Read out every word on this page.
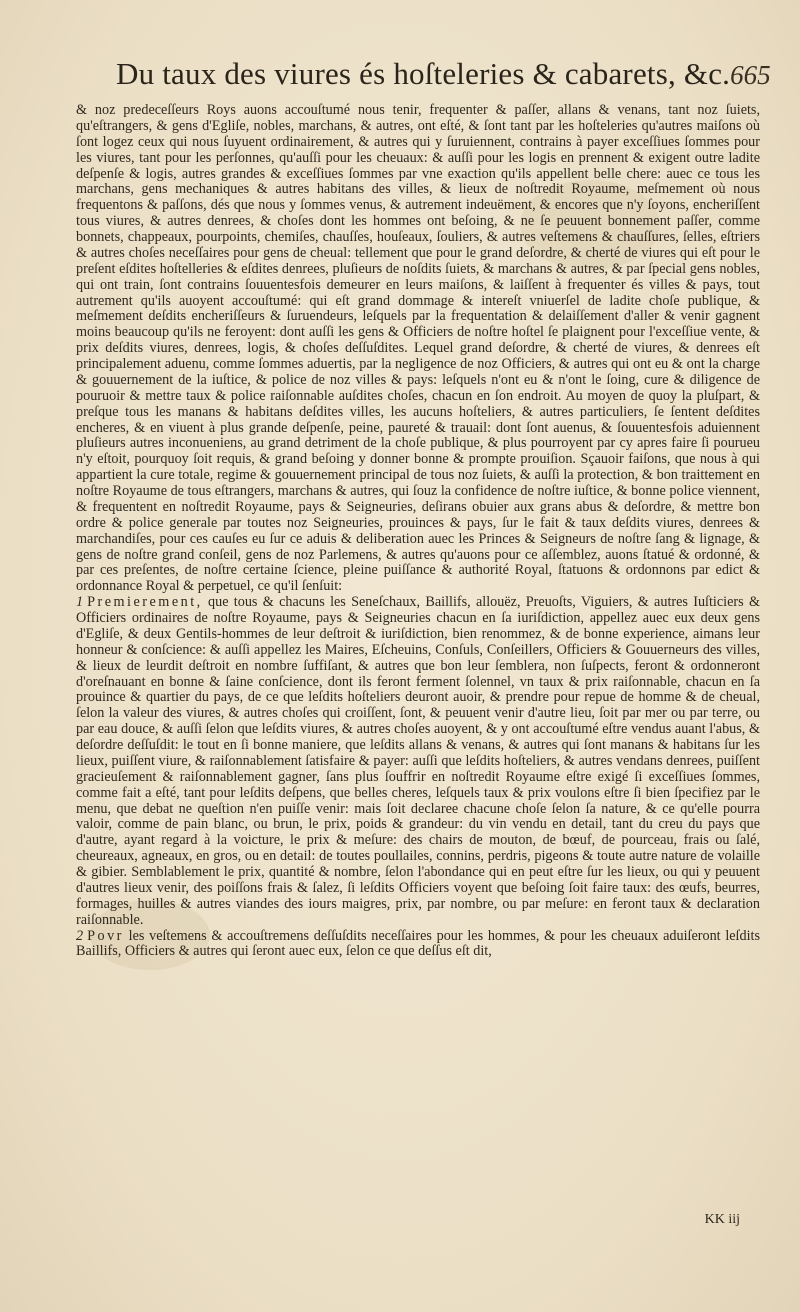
Du taux des viures és hoſteleries & cabarets, &c. 665

& noz predeceſſeurs Roys auons accouſtumé nous tenir, frequenter & paſſer, allans & venans, tant noz ſuiets, qu'eſtrangers, & gens d'Egliſe, nobles, marchans, & autres, ont eſté, & ſont tant par les hoſteleries qu'autres maiſons où ſont logez ceux qui nous ſuyuent ordinairement, & autres qui y ſuruiennent, contrains à payer exceſſiues ſommes pour les viures, tant pour les perſonnes, qu'auſſi pour les cheuaux: & auſſi pour les logis en prennent & exigent outre ladite deſpenſe & logis, autres grandes & exceſſiues ſommes par vne exaction qu'ils appellent belle chere: auec ce tous les marchans, gens mechaniques & autres habitans des villes, & lieux de noſtredit Royaume, meſmement où nous frequentons & paſſons, dés que nous y ſommes venus, & autrement indeuëment, & encores que n'y ſoyons, encheriſſent tous viures, & autres denrees, & choſes dont les hommes ont beſoing, & ne ſe peuuent bonnement paſſer, comme bonnets, chappeaux, pourpoints, chemiſes, chauſſes, houſeaux, ſouliers, & autres veſtemens & chauſſures, ſelles, eſtriers & autres choſes neceſſaires pour gens de cheual: tellement que pour le grand deſordre, & cherté de viures qui eſt pour le preſent eſdites hoſtelleries & eſdites denrees, pluſieurs de noſdits ſuiets, & marchans & autres, & par ſpecial gens nobles, qui ont train, ſont contrains ſouuentesfois demeurer en leurs maiſons, & laiſſent à frequenter és villes & pays, tout autrement qu'ils auoyent accouſtumé: qui eſt grand dommage & intereſt vniuerſel de ladite choſe publique, & meſmement deſdits encheriſſeurs & ſuruendeurs, leſquels par la frequentation & delaiſſement d'aller & venir gagnent moins beaucoup qu'ils ne feroyent: dont auſſi les gens & Officiers de noſtre hoſtel ſe plaignent pour l'exceſſiue vente, & prix deſdits viures, denrees, logis, & choſes deſſuſdites. Lequel grand deſordre, & cherté de viures, & denrees eſt principalement aduenu, comme ſommes aduertis, par la negligence de noz Officiers, & autres qui ont eu & ont la charge & gouuernement de la iuſtice, & police de noz villes & pays: leſquels n'ont eu & n'ont le ſoing, cure & diligence de pouruoir & mettre taux & police raiſonnable auſdites choſes, chacun en ſon endroit. Au moyen de quoy la pluſpart, & preſque tous les manans & habitans deſdites villes, les aucuns hoſteliers, & autres particuliers, ſe ſentent deſdites encheres, & en viuent à plus grande deſpenſe, peine, paureté & trauail: dont ſont auenus, & ſouuentesfois aduiennent pluſieurs autres inconueniens, au grand detriment de la choſe publique, & plus pourroyent par cy apres faire ſi pourueu n'y eſtoit, pourquoy ſoit requis, & grand beſoing y donner bonne & prompte prouiſion. Sçauoir faiſons, que nous à qui appartient la cure totale, regime & gouuernement principal de tous noz ſuiets, & auſſi la protection, & bon traittement en noſtre Royaume de tous eſtrangers, marchans & autres, qui ſouz la confidence de noſtre iuſtice, & bonne police viennent, & frequentent en noſtredit Royaume, pays & Seigneuries, deſirans obuier aux grans abus & deſordre, & mettre bon ordre & police generale par toutes noz Seigneuries, prouinces & pays, ſur le fait & taux deſdits viures, denrees & marchandiſes, pour ces cauſes eu ſur ce aduis & deliberation auec les Princes & Seigneurs de noſtre ſang & lignage, & gens de noſtre grand conſeil, gens de noz Parlemens, & autres qu'auons pour ce aſſemblez, auons ſtatué & ordonné, & par ces preſentes, de noſtre certaine ſcience, pleine puiſſance & authorité Royal, ſtatuons & ordonnons par edict & ordonnance Royal & perpetuel, ce qu'il ſenſuit:

1 Premierement, que tous & chacuns les Seneſchaux, Baillifs, allouëz, Preuoſts, Viguiers, & autres Iuſticiers & Officiers ordinaires de noſtre Royaume, pays & Seigneuries chacun en ſa iuriſdiction, appellez auec eux deux gens d'Egliſe, & deux Gentils-hommes de leur deſtroit & iuriſdiction, bien renommez, & de bonne experience, aimans leur honneur & conſcience: & auſſi appellez les Maires, Eſcheuins, Conſuls, Conſeillers, Officiers & Gouuerneurs des villes, & lieux de leurdit deſtroit en nombre ſuffiſant, & autres que bon leur ſemblera, non ſuſpects, feront & ordonneront d'oreſnauant en bonne & ſaine conſcience, dont ils feront ferment ſolennel, vn taux & prix raiſonnable, chacun en ſa prouince & quartier du pays, de ce que leſdits hoſteliers deuront auoir, & prendre pour repue de homme & de cheual, ſelon la valeur des viures, & autres choſes qui croiſſent, ſont, & peuuent venir d'autre lieu, ſoit par mer ou par terre, ou par eau douce, & auſſi ſelon que leſdits viures, & autres choſes auoyent, & y ont accouſtumé eſtre vendus auant l'abus, & deſordre deſſuſdit: le tout en ſi bonne maniere, que leſdits allans & venans, & autres qui ſont manans & habitans ſur les lieux, puiſſent viure, & raiſonnablement ſatisfaire & payer: auſſi que leſdits hoſteliers, & autres vendans denrees, puiſſent gracieuſement & raiſonnablement gagner, ſans plus ſouffrir en noſtredit Royaume eſtre exigé ſi exceſſiues ſommes, comme fait a eſté, tant pour leſdits deſpens, que belles cheres, leſquels taux & prix voulons eſtre ſi bien ſpecifiez par le menu, que debat ne queſtion n'en puiſſe venir: mais ſoit declaree chacune choſe ſelon ſa nature, & ce qu'elle pourra valoir, comme de pain blanc, ou brun, le prix, poids & grandeur: du vin vendu en detail, tant du creu du pays que d'autre, ayant regard à la voicture, le prix & meſure: des chairs de mouton, de bœuf, de pourceau, frais ou ſalé, cheureaux, agneaux, en gros, ou en detail: de toutes poullailes, connins, perdris, pigeons & toute autre nature de volaille & gibier. Semblablement le prix, quantité & nombre, ſelon l'abondance qui en peut eſtre ſur les lieux, ou qui y peuuent d'autres lieux venir, des poiſſons frais & ſalez, ſi leſdits Officiers voyent que beſoing ſoit faire taux: des œufs, beurres, formages, huilles & autres viandes des iours maigres, prix, par nombre, ou par meſure: en feront taux & declaration raiſonnable.

2 Povr les veſtemens & accouſtremens deſſuſdits neceſſaires pour les hommes, & pour les cheuaux aduiſeront leſdits Baillifs, Officiers & autres qui ſeront auec eux, ſelon ce que deſſus eſt dit,

KK iij
